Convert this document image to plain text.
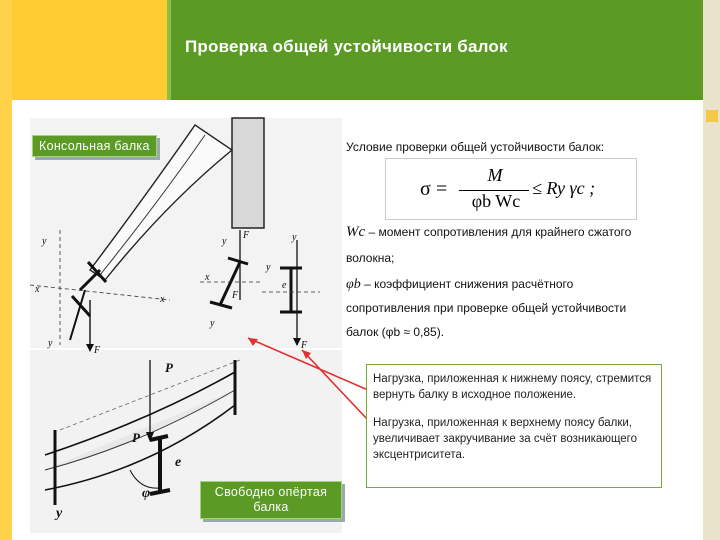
Проверка общей устойчивости балок
y
x
y
x
F
y
F
x
y
F
y
y
F
e
P
P
e
φ
y
Консольная балка
Свободно опёртая балка
Условие проверки общей устойчивости балок:
σ =
M
φb Wc
≤ Ry γc ;
Wc – момент сопротивления для крайнего сжатого
волокна;
φb – коэффициент снижения расчётного
сопротивления при проверке общей устойчивости
балок (φb ≈ 0,85).

Нагрузка, приложенная к нижнему поясу, стремится вернуть балку в исходное положение.

Нагрузка, приложенная к верхнему поясу балки, увеличивает закручивание за счёт возникающего эксцентриситета.
